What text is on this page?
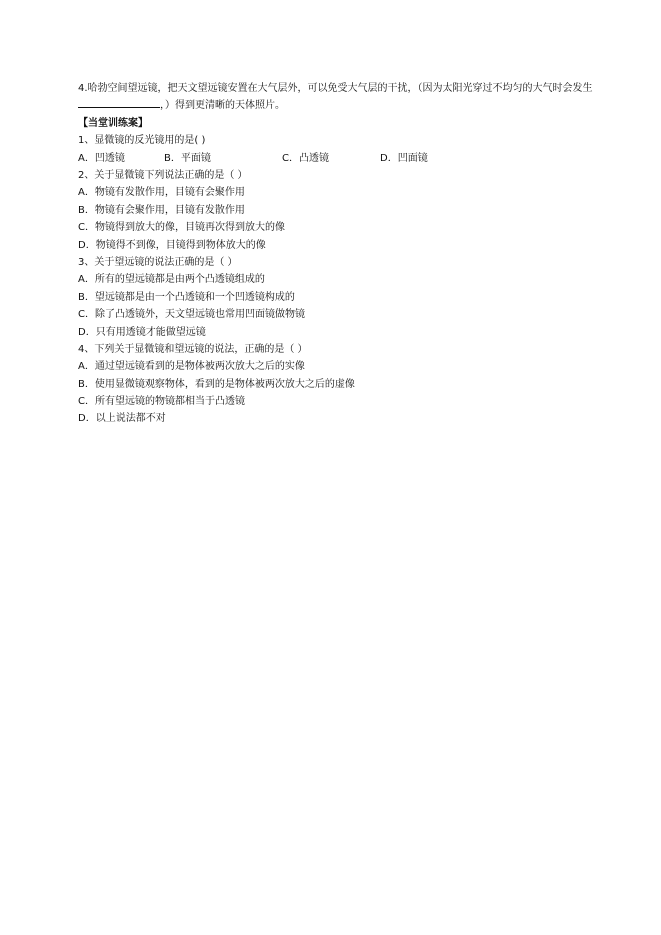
4.哈勃空间望远镜，把天文望远镜安置在大气层外，可以免受大气层的干扰，（因为太阳光穿过不均匀的大气时会发生，）得到更清晰的天体照片。
【当堂训练案】
1、显微镜的反光镜用的是( )
A．凹透镜	B．平面镜	C．凸透镜	D．凹面镜
2、关于显微镜下列说法正确的是（ ）
A．物镜有发散作用，目镜有会聚作用
B．物镜有会聚作用，目镜有发散作用
C．物镜得到放大的像，目镜再次得到放大的像
D．物镜得不到像，目镜得到物体放大的像
3、关于望远镜的说法正确的是（ ）
A．所有的望远镜都是由两个凸透镜组成的
B．望远镜都是由一个凸透镜和一个凹透镜构成的
C．除了凸透镜外，天文望远镜也常用凹面镜做物镜
D．只有用透镜才能做望远镜
4、下列关于显微镜和望远镜的说法，正确的是（ ）
A．通过望远镜看到的是物体被两次放大之后的实像
B．使用显微镜观察物体，看到的是物体被两次放大之后的虚像
C．所有望远镜的物镜都相当于凸透镜
D．以上说法都不对
